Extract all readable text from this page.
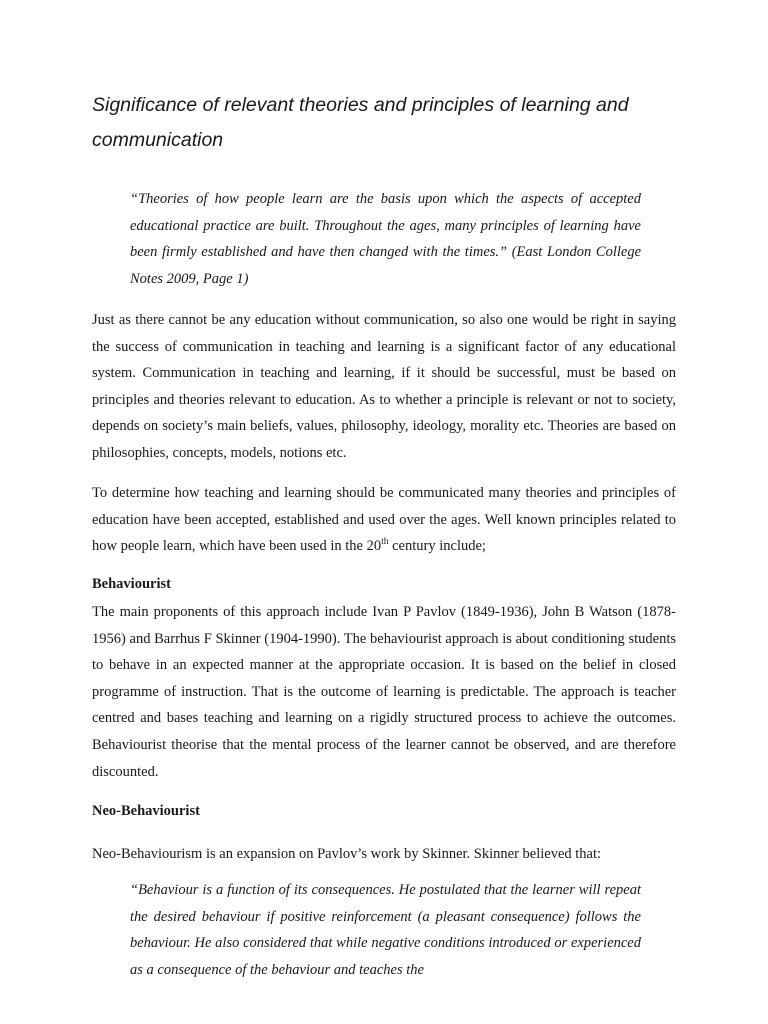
Significance of relevant theories and principles of learning and communication

“Theories of how people learn are the basis upon which the aspects of accepted educational practice are built. Throughout the ages, many principles of learning have been firmly established and have then changed with the times.” (East London College Notes 2009, Page 1)

Just as there cannot be any education without communication, so also one would be right in saying the success of communication in teaching and learning is a significant factor of any educational system. Communication in teaching and learning, if it should be successful, must be based on principles and theories relevant to education. As to whether a principle is relevant or not to society, depends on society’s main beliefs, values, philosophy, ideology, morality etc. Theories are based on philosophies, concepts, models, notions etc.

To determine how teaching and learning should be communicated many theories and principles of education have been accepted, established and used over the ages. Well known principles related to how people learn, which have been used in the 20th century include;

Behaviourist

The main proponents of this approach include Ivan P Pavlov (1849-1936), John B Watson (1878-1956) and Barrhus F Skinner (1904-1990). The behaviourist approach is about conditioning students to behave in an expected manner at the appropriate occasion. It is based on the belief in closed programme of instruction. That is the outcome of learning is predictable. The approach is teacher centred and bases teaching and learning on a rigidly structured process to achieve the outcomes. Behaviourist theorise that the mental process of the learner cannot be observed, and are therefore discounted.

Neo-Behaviourist

Neo-Behaviourism is an expansion on Pavlov’s work by Skinner. Skinner believed that:

“Behaviour is a function of its consequences. He postulated that the learner will repeat the desired behaviour if positive reinforcement (a pleasant consequence) follows the behaviour. He also considered that while negative conditions introduced or experienced as a consequence of the behaviour and teaches the
